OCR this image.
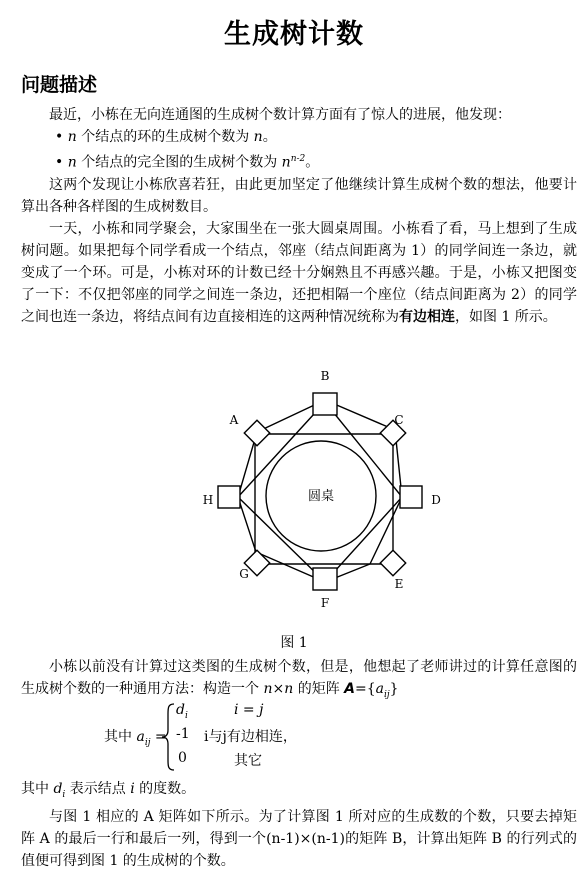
生成树计数
问题描述

最近，小栋在无向连通图的生成树个数计算方面有了惊人的进展，他发现：

• n 个结点的环的生成树个数为 n。

• n 个结点的完全图的生成树个数为 $n^{n-2}$。

这两个发现让小栋欣喜若狂，由此更加坚定了他继续计算生成树个数的想法，他要计算出各种各样图的生成树数目。

一天，小栋和同学聚会，大家围坐在一张大圆桌周围。小栋看了看，马上想到了生成树问题。如果把每个同学看成一个结点，邻座（结点间距离为 1）的同学间连一条边，就变成了一个环。可是，小栋对环的计数已经十分娴熟且不再感兴趣。于是，小栋又把图变了一下：不仅把邻座的同学之间连一条边，还把相隔一个座位（结点间距离为 2）的同学之间也连一条边，将结点间有边直接相连的这两种情况统称为有边相连，如图 1 所示。

圆桌
B
A	C
H	D
G
E
F
图 1

小栋以前没有计算过这类图的生成树个数，但是，他想起了老师讲过的计算任意图的生成树个数的一种通用方法：构造一个 n×n 的矩阵 $A=\{a_{ij}\}$

其中 $a_{ij}$ =
$d_i$	i = j
-1 i与j有边相连，
0	其它

其中 $d_i$ 表示结点 i 的度数。

与图 1 相应的 A 矩阵如下所示。为了计算图 1 所对应的生成数的个数，只要去掉矩阵 A 的最后一行和最后一列，得到一个(n-1)×(n-1)的矩阵 B，计算出矩阵 B 的行列式的值便可得到图 1 的生成树的个数。
